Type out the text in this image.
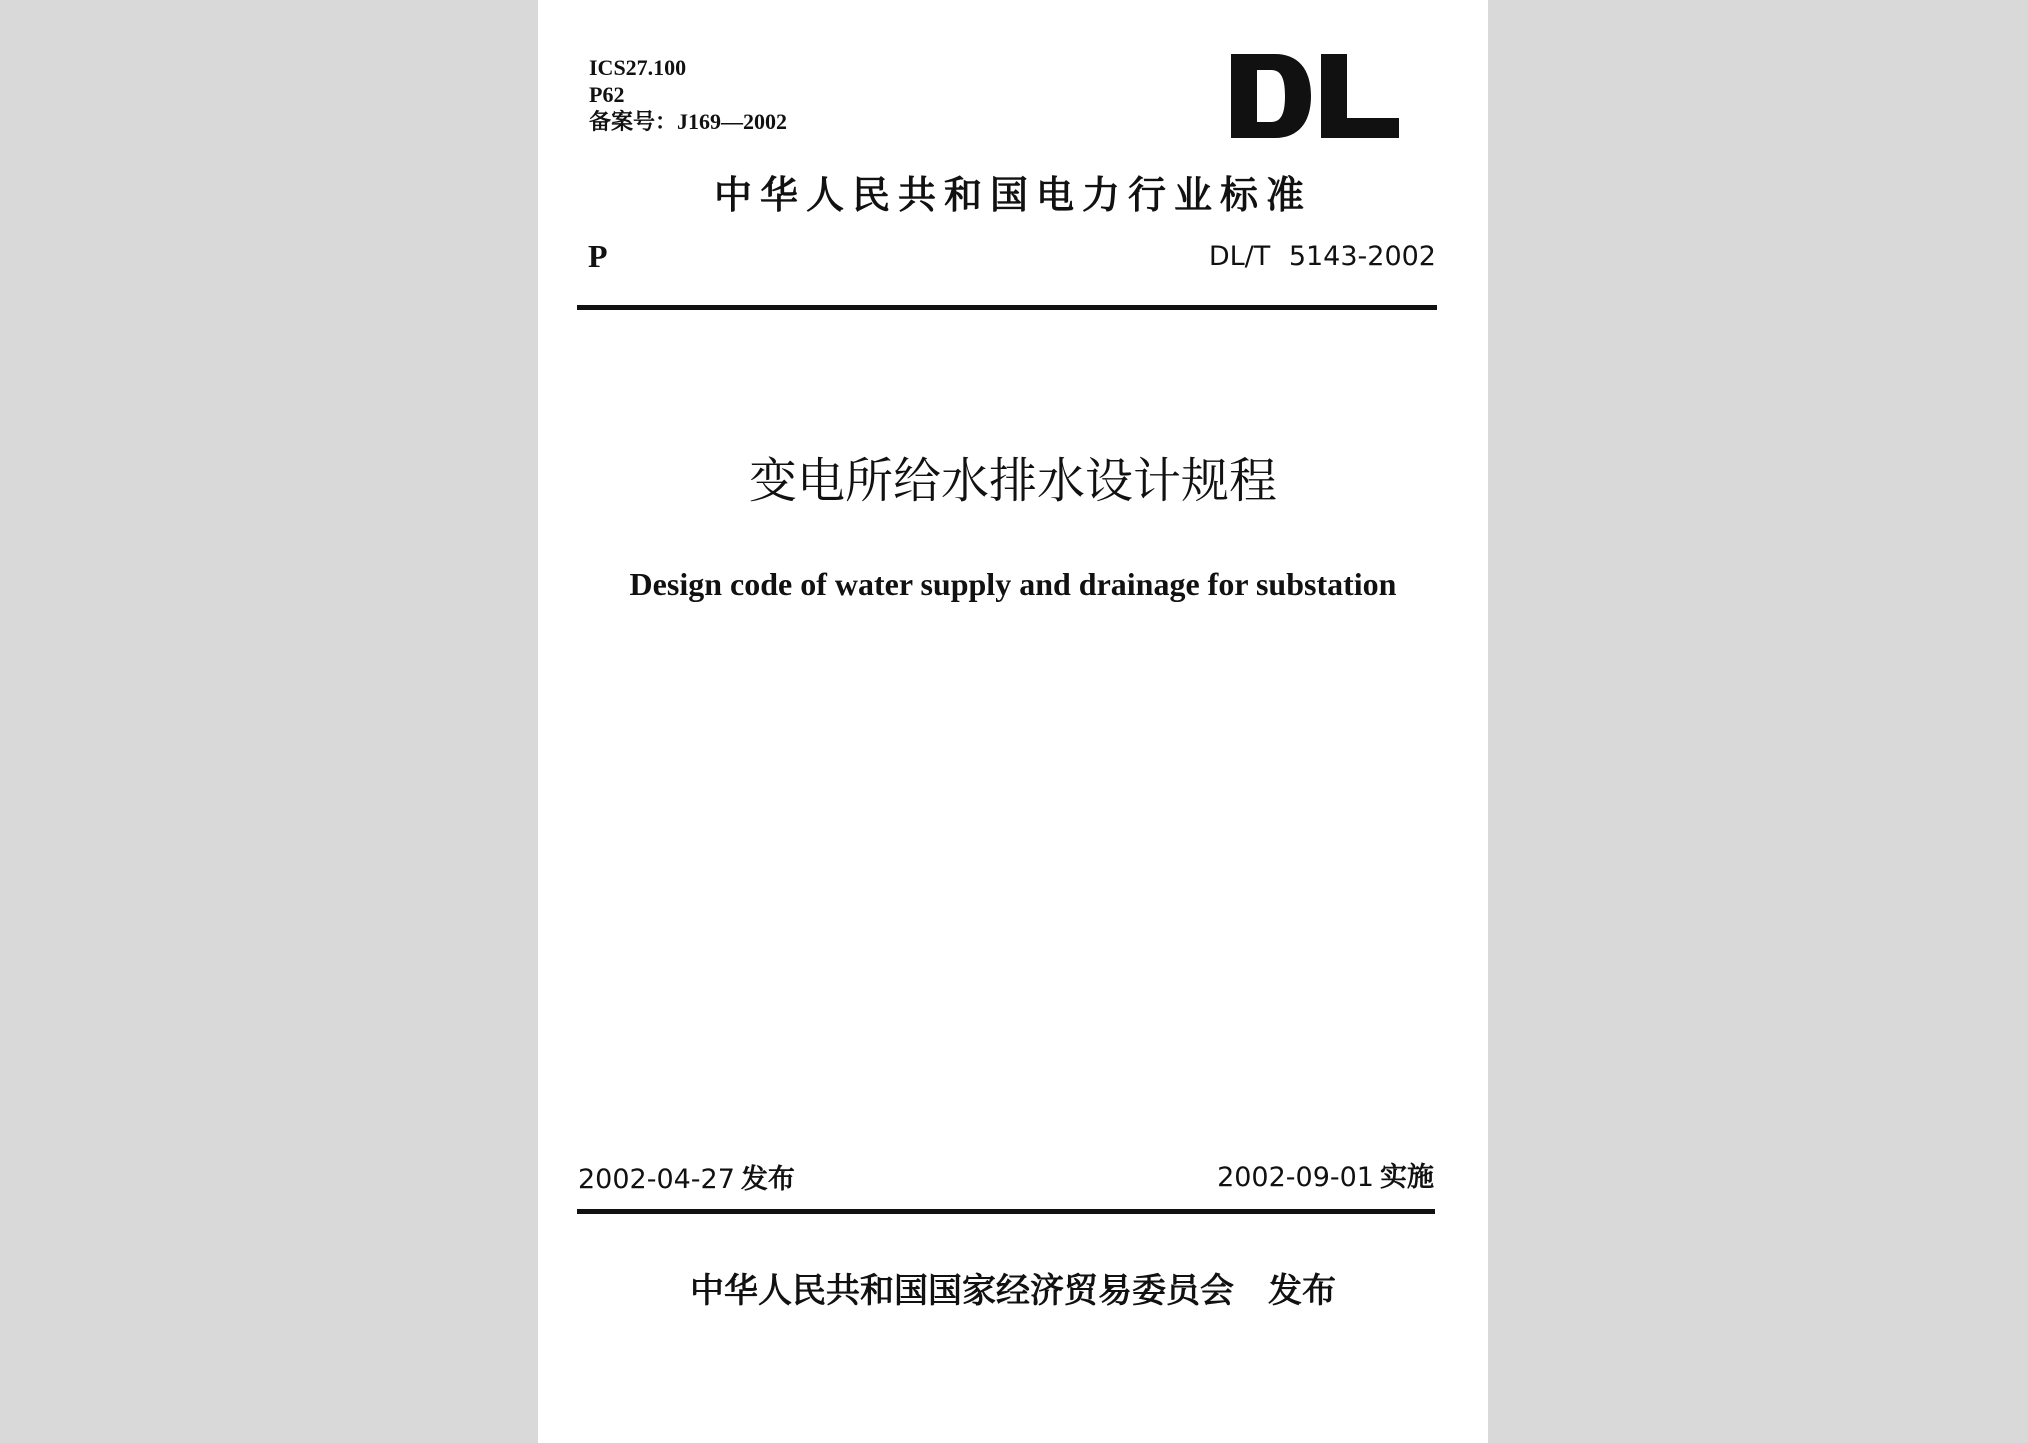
ICS27.100
P62
备案号：J169—2002
中华人民共和国电力行业标准
P	DL/T 5143-2002
变电所给水排水设计规程
Design code of water supply and drainage for substation
2002-04-27 发布	2002-09-01 实施
中华人民共和国国家经济贸易委员会 发布
